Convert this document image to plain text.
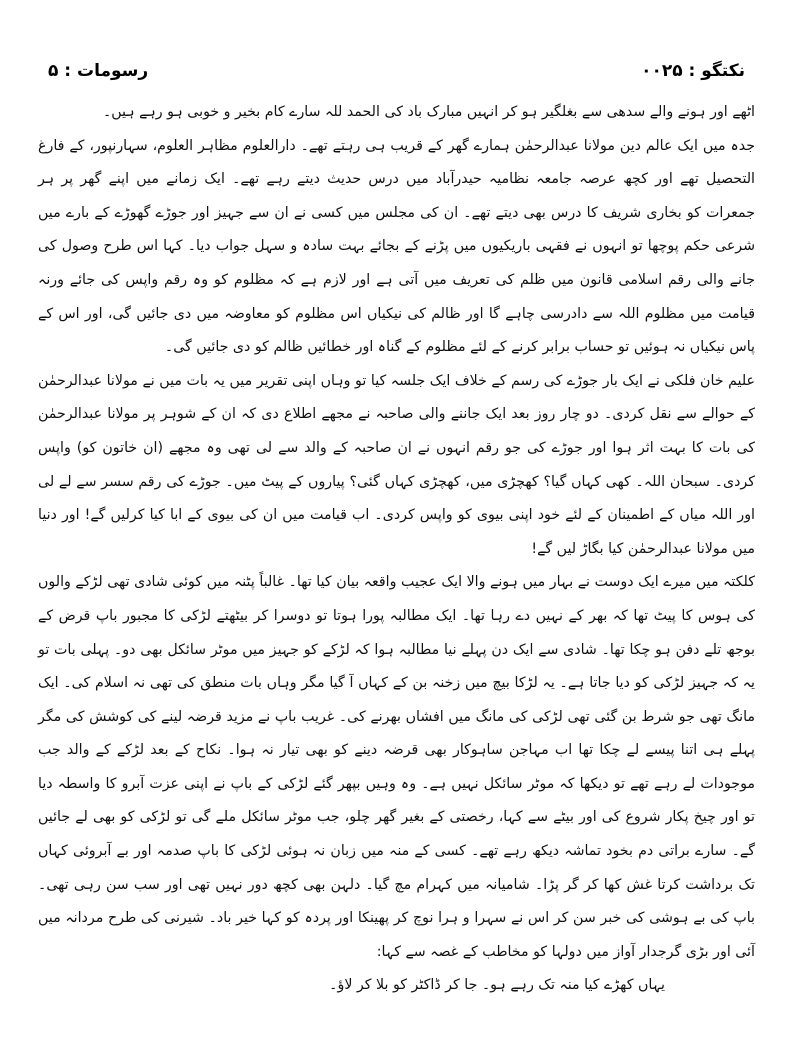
رسومات : ۵	نکتگو : ۰۰۲۵

اٹھے اور ہونے والے سدھی سے بغلگیر ہو کر انہیں مبارک باد کی الحمد للہ سارے کام بخیر و خوبی ہو رہے ہیں۔

جدہ میں ایک عالم دین مولانا عبدالرحمٰن ہمارے گھر کے قریب ہی رہتے تھے۔ دارالعلوم مظاہر العلوم، سہارنپور، کے فارغ التحصیل تھے اور کچھ عرصہ جامعہ نظامیہ حیدرآباد میں درس حدیث دیتے رہے تھے۔ ایک زمانے میں اپنے گھر پر ہر جمعرات کو بخاری شریف کا درس بھی دیتے تھے۔ ان کی مجلس میں کسی نے ان سے جہیز اور جوڑے گھوڑے کے بارے میں شرعی حکم پوچھا تو انہوں نے فقہی باریکیوں میں پڑنے کے بجائے بہت سادہ و سہل جواب دیا۔ کہا اس طرح وصول کی جانے والی رقم اسلامی قانون میں ظلم کی تعریف میں آتی ہے اور لازم ہے کہ مظلوم کو وہ رقم واپس کی جائے ورنہ قیامت میں مظلوم اللہ سے دادرسی چاہے گا اور ظالم کی نیکیاں اس مظلوم کو معاوضہ میں دی جائیں گی، اور اس کے پاس نیکیاں نہ ہوئیں تو حساب برابر کرنے کے لئے مظلوم کے گناہ اور خطائیں ظالم کو دی جائیں گی۔

علیم خان فلکی نے ایک بار جوڑے کی رسم کے خلاف ایک جلسہ کیا تو وہاں اپنی تقریر میں یہ بات میں نے مولانا عبدالرحمٰن کے حوالے سے نقل کردی۔ دو چار روز بعد ایک جاننے والی صاحبہ نے مجھے اطلاع دی کہ ان کے شوہر پر مولانا عبدالرحمٰن کی بات کا بہت اثر ہوا اور جوڑے کی جو رقم انہوں نے ان صاحبہ کے والد سے لی تھی وہ مجھے (ان خاتون کو) واپس کردی۔ سبحان اللہ۔ کھی کہاں گیا؟ کھچڑی میں، کھچڑی کہاں گئی؟ پیاروں کے پیٹ میں۔ جوڑے کی رقم سسر سے لے لی اور اللہ میاں کے اطمینان کے لئے خود اپنی بیوی کو واپس کردی۔ اب قیامت میں ان کی بیوی کے ابا کیا کرلیں گے! اور دنیا میں مولانا عبدالرحمٰن کیا بگاڑ لیں گے!

کلکتہ میں میرے ایک دوست نے بہار میں ہونے والا ایک عجیب واقعہ بیان کیا تھا۔ غالباً پٹنہ میں کوئی شادی تھی لڑکے والوں کی ہوس کا پیٹ تھا کہ بھر کے نہیں دے رہا تھا۔ ایک مطالبہ پورا ہوتا تو دوسرا کر بیٹھتے لڑکی کا مجبور باپ قرض کے بوجھ تلے دفن ہو چکا تھا۔ شادی سے ایک دن پہلے نیا مطالبہ ہوا کہ لڑکے کو جہیز میں موٹر سائکل بھی دو۔ پہلی بات تو یہ کہ جہیز لڑکی کو دیا جاتا ہے۔ یہ لڑکا بیچ میں زخنہ بن کے کہاں آ گیا مگر وہاں بات منطق کی تھی نہ اسلام کی۔ ایک مانگ تھی جو شرط بن گئی تھی لڑکی کی مانگ میں افشاں بھرنے کی۔ غریب باپ نے مزید قرضہ لینے کی کوشش کی مگر پہلے ہی اتنا پیسے لے چکا تھا اب مہاجن ساہوکار بھی قرضہ دینے کو بھی تیار نہ ہوا۔ نکاح کے بعد لڑکے کے والد جب موجودات لے رہے تھے تو دیکھا کہ موٹر سائکل نہیں ہے۔ وہ وہیں بپھر گئے لڑکی کے باپ نے اپنی عزت آبرو کا واسطہ دیا تو اور چیخ پکار شروع کی اور بیٹے سے کہا، رخصتی کے بغیر گھر چلو، جب موٹر سائکل ملے گی تو لڑکی کو بھی لے جائیں گے۔ سارے براتی دم بخود تماشہ دیکھ رہے تھے۔ کسی کے منہ میں زبان نہ ہوئی لڑکی کا باپ صدمہ اور بے آبروئی کہاں تک برداشت کرتا غش کھا کر گر پڑا۔ شامیانہ میں کہرام مچ گیا۔ دلہن بھی کچھ دور نہیں تھی اور سب سن رہی تھی۔ باپ کی بے ہوشی کی خبر سن کر اس نے سہرا و ہرا نوچ کر پھینکا اور پردہ کو کہا خیر باد۔ شیرنی کی طرح مردانہ میں آئی اور بڑی گرجدار آواز میں دولہا کو مخاطب کے غصہ سے کہا:

یہاں کھڑے کیا منہ تک رہے ہو۔ جا کر ڈاکٹر کو بلا کر لاؤ۔
